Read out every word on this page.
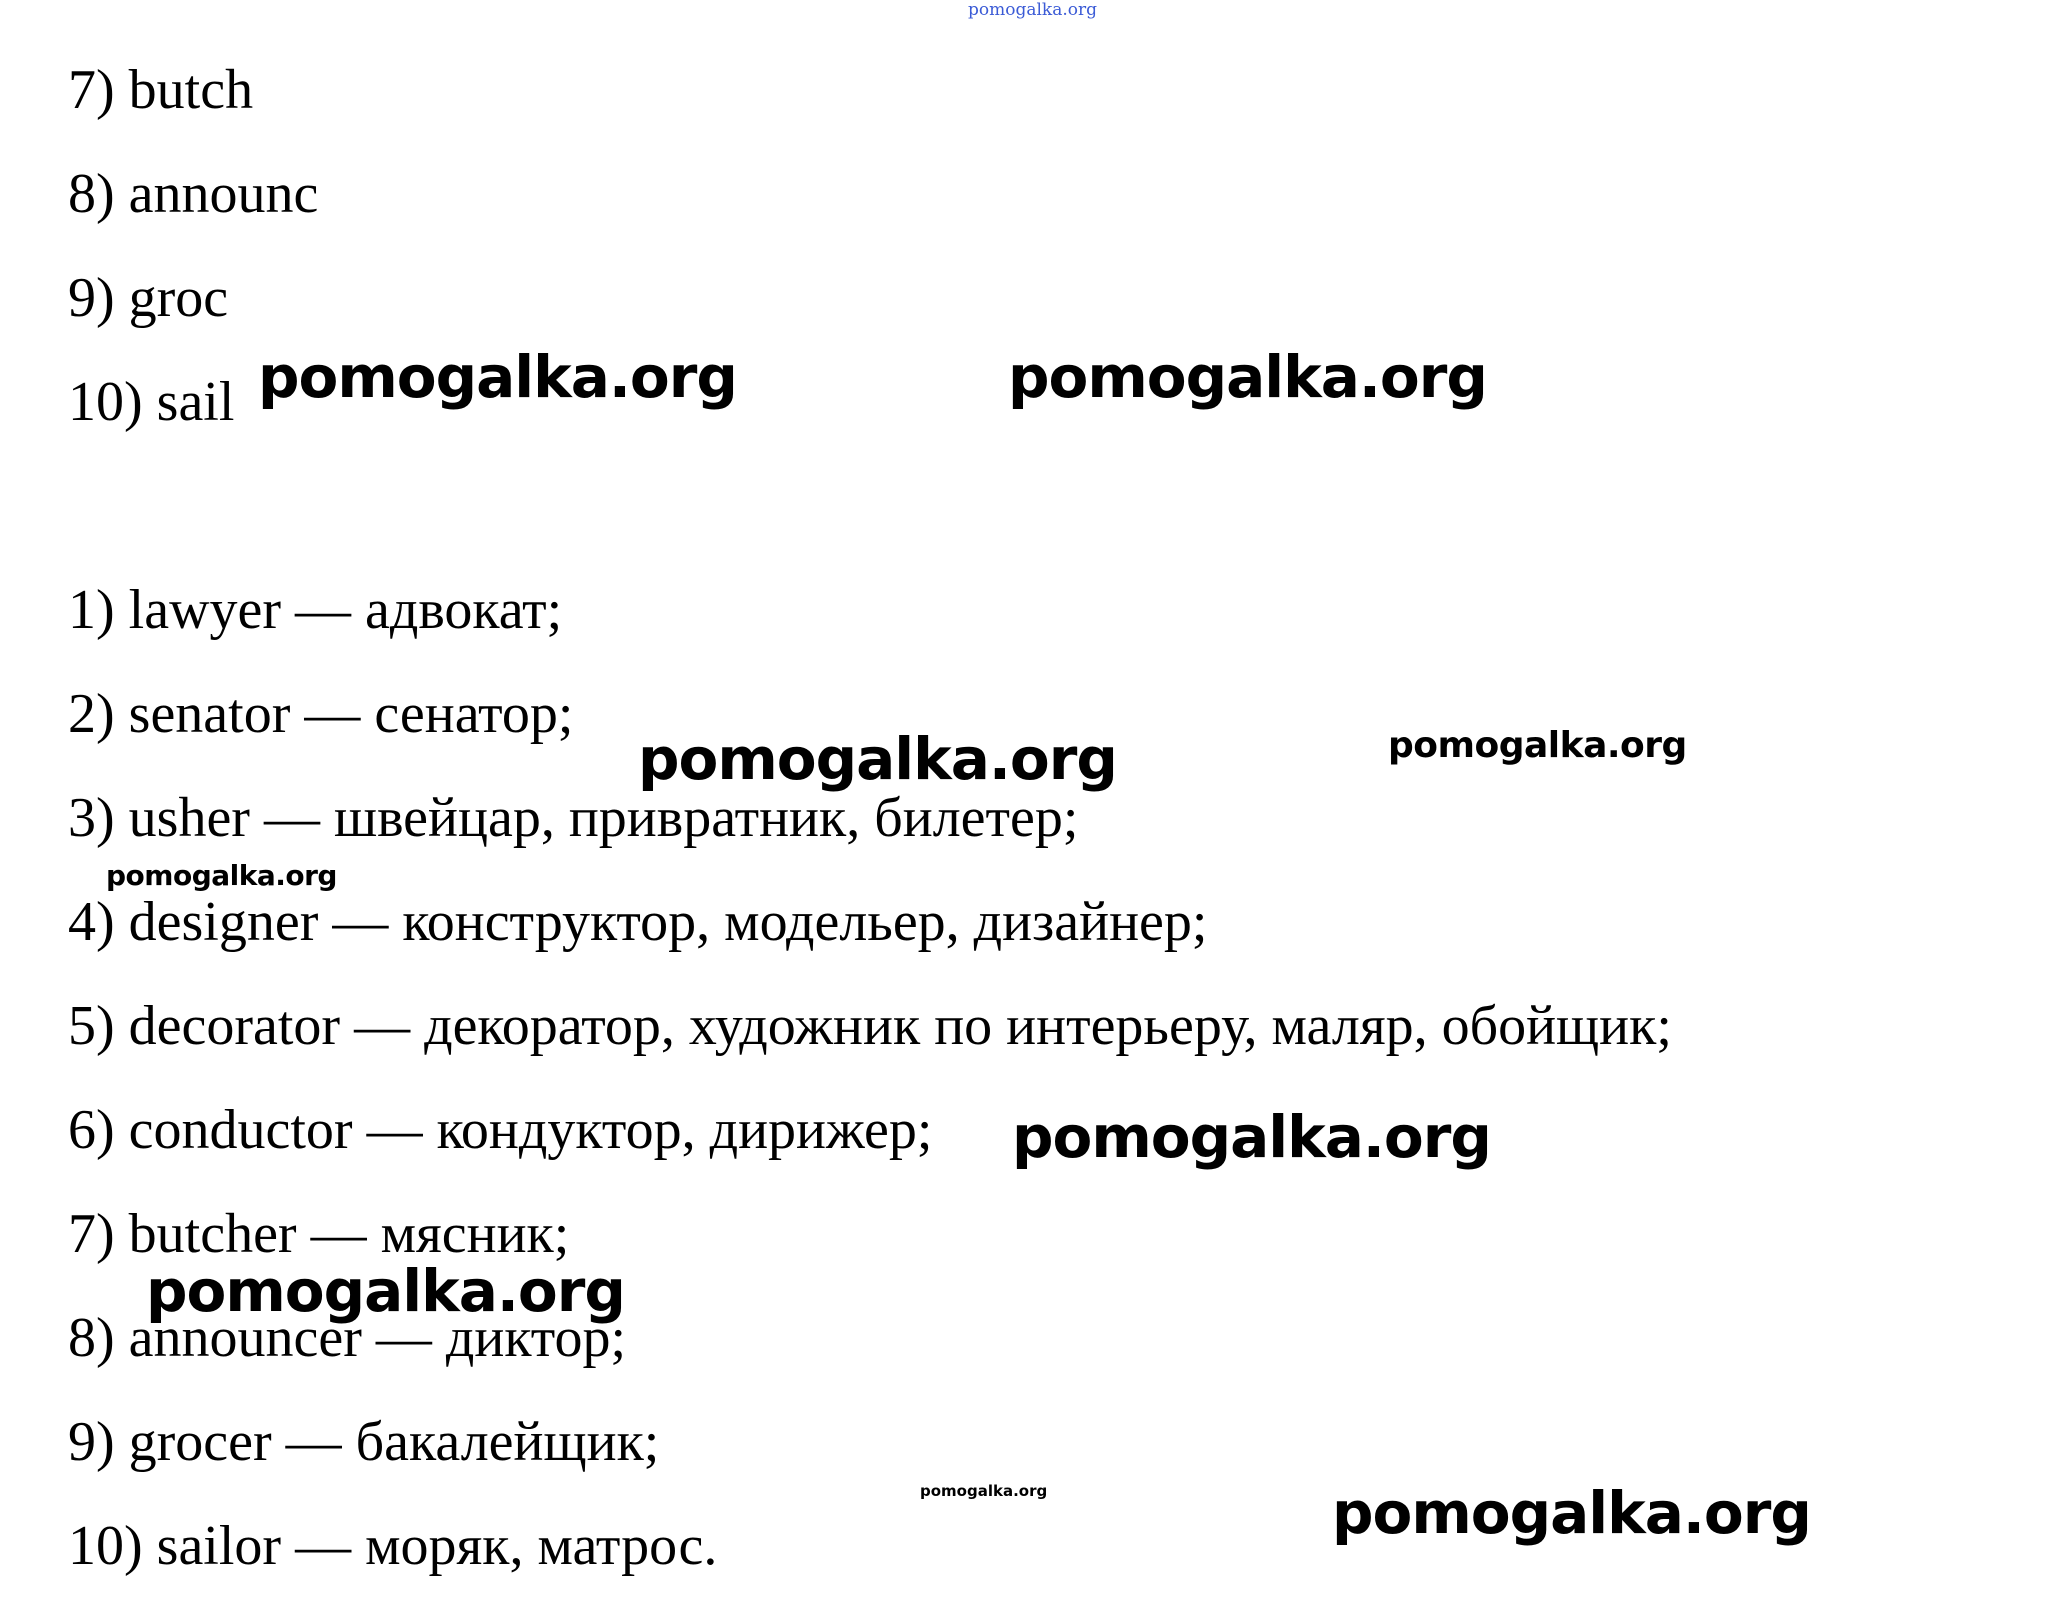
pomogalka.org
7) butch
8) announc
9) groc
10) sail
1) lawyer — адвокат;
2) senator — сенатор;
3) usher — швейцар, привратник, билетер;
4) designer — конструктор, модельер, дизайнер;
5) decorator — декоратор, художник по интерьеру, маляр, обойщик;
6) conductor — кондуктор, дирижер;
7) butcher — мясник;
8) announcer — диктор;
9) grocer — бакалейщик;
10) sailor — моряк, матрос.
pomogalka.org	pomogalka.org
pomogalka.org	pomogalka.org
pomogalka.org
pomogalka.org
pomogalka.org
pomogalka.org	pomogalka.org
